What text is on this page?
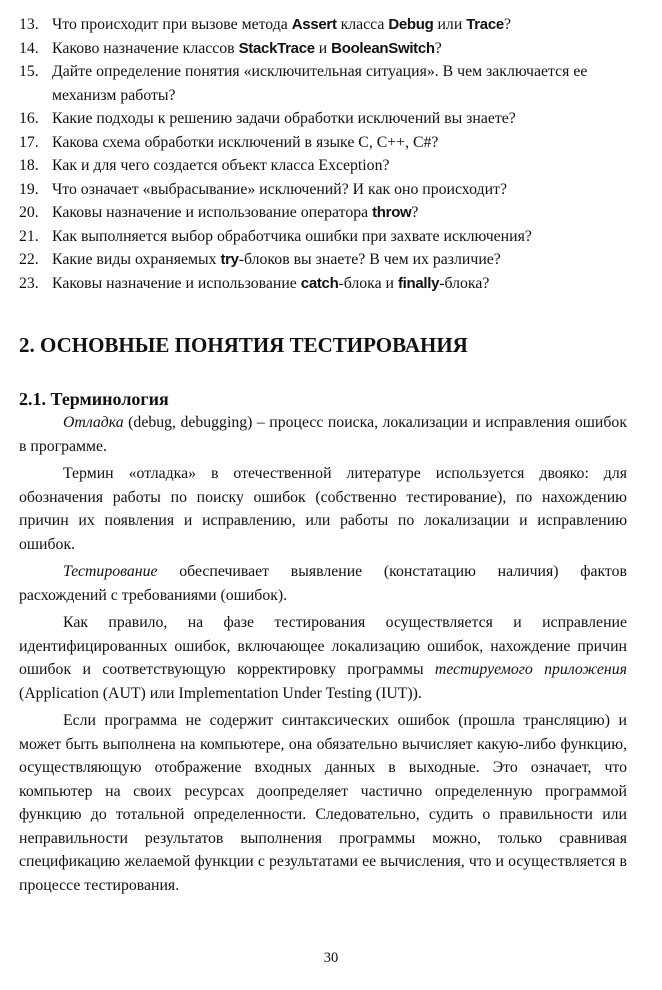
13. Что происходит при вызове метода Assert класса Debug или Trace?
14. Каково назначение классов StackTrace и BooleanSwitch?
15. Дайте определение понятия «исключительная ситуация». В чем заключается ее механизм работы?
16. Какие подходы к решению задачи обработки исключений вы знаете?
17. Какова схема обработки исключений в языке C, C++, C#?
18. Как и для чего создается объект класса Exception?
19. Что означает «выбрасывание» исключений? И как оно происходит?
20. Каковы назначение и использование оператора throw?
21. Как выполняется выбор обработчика ошибки при захвате исключения?
22. Какие виды охраняемых try-блоков вы знаете? В чем их различие?
23. Каковы назначение и использование catch-блока и finally-блока?
2. ОСНОВНЫЕ ПОНЯТИЯ ТЕСТИРОВАНИЯ
2.1. Терминология

Отладка (debug, debugging) – процесс поиска, локализации и исправления ошибок в программе.

Термин «отладка» в отечественной литературе используется двояко: для обозначения работы по поиску ошибок (собственно тестирование), по нахождению причин их появления и исправлению, или работы по локализации и исправлению ошибок.

Тестирование обеспечивает выявление (констатацию наличия) фактов расхождений с требованиями (ошибок).

Как правило, на фазе тестирования осуществляется и исправление идентифицированных ошибок, включающее локализацию ошибок, нахождение причин ошибок и соответствующую корректировку программы тестируемого приложения (Application (AUT) или Implementation Under Testing (IUT)).

Если программа не содержит синтаксических ошибок (прошла трансляцию) и может быть выполнена на компьютере, она обязательно вычисляет какую-либо функцию, осуществляющую отображение входных данных в выходные. Это означает, что компьютер на своих ресурсах доопределяет частично определенную программой функцию до тотальной определенности. Следовательно, судить о правильности или неправильности результатов выполнения программы можно, только сравнивая спецификацию желаемой функции с результатами ее вычисления, что и осуществляется в процессе тестирования.

30
